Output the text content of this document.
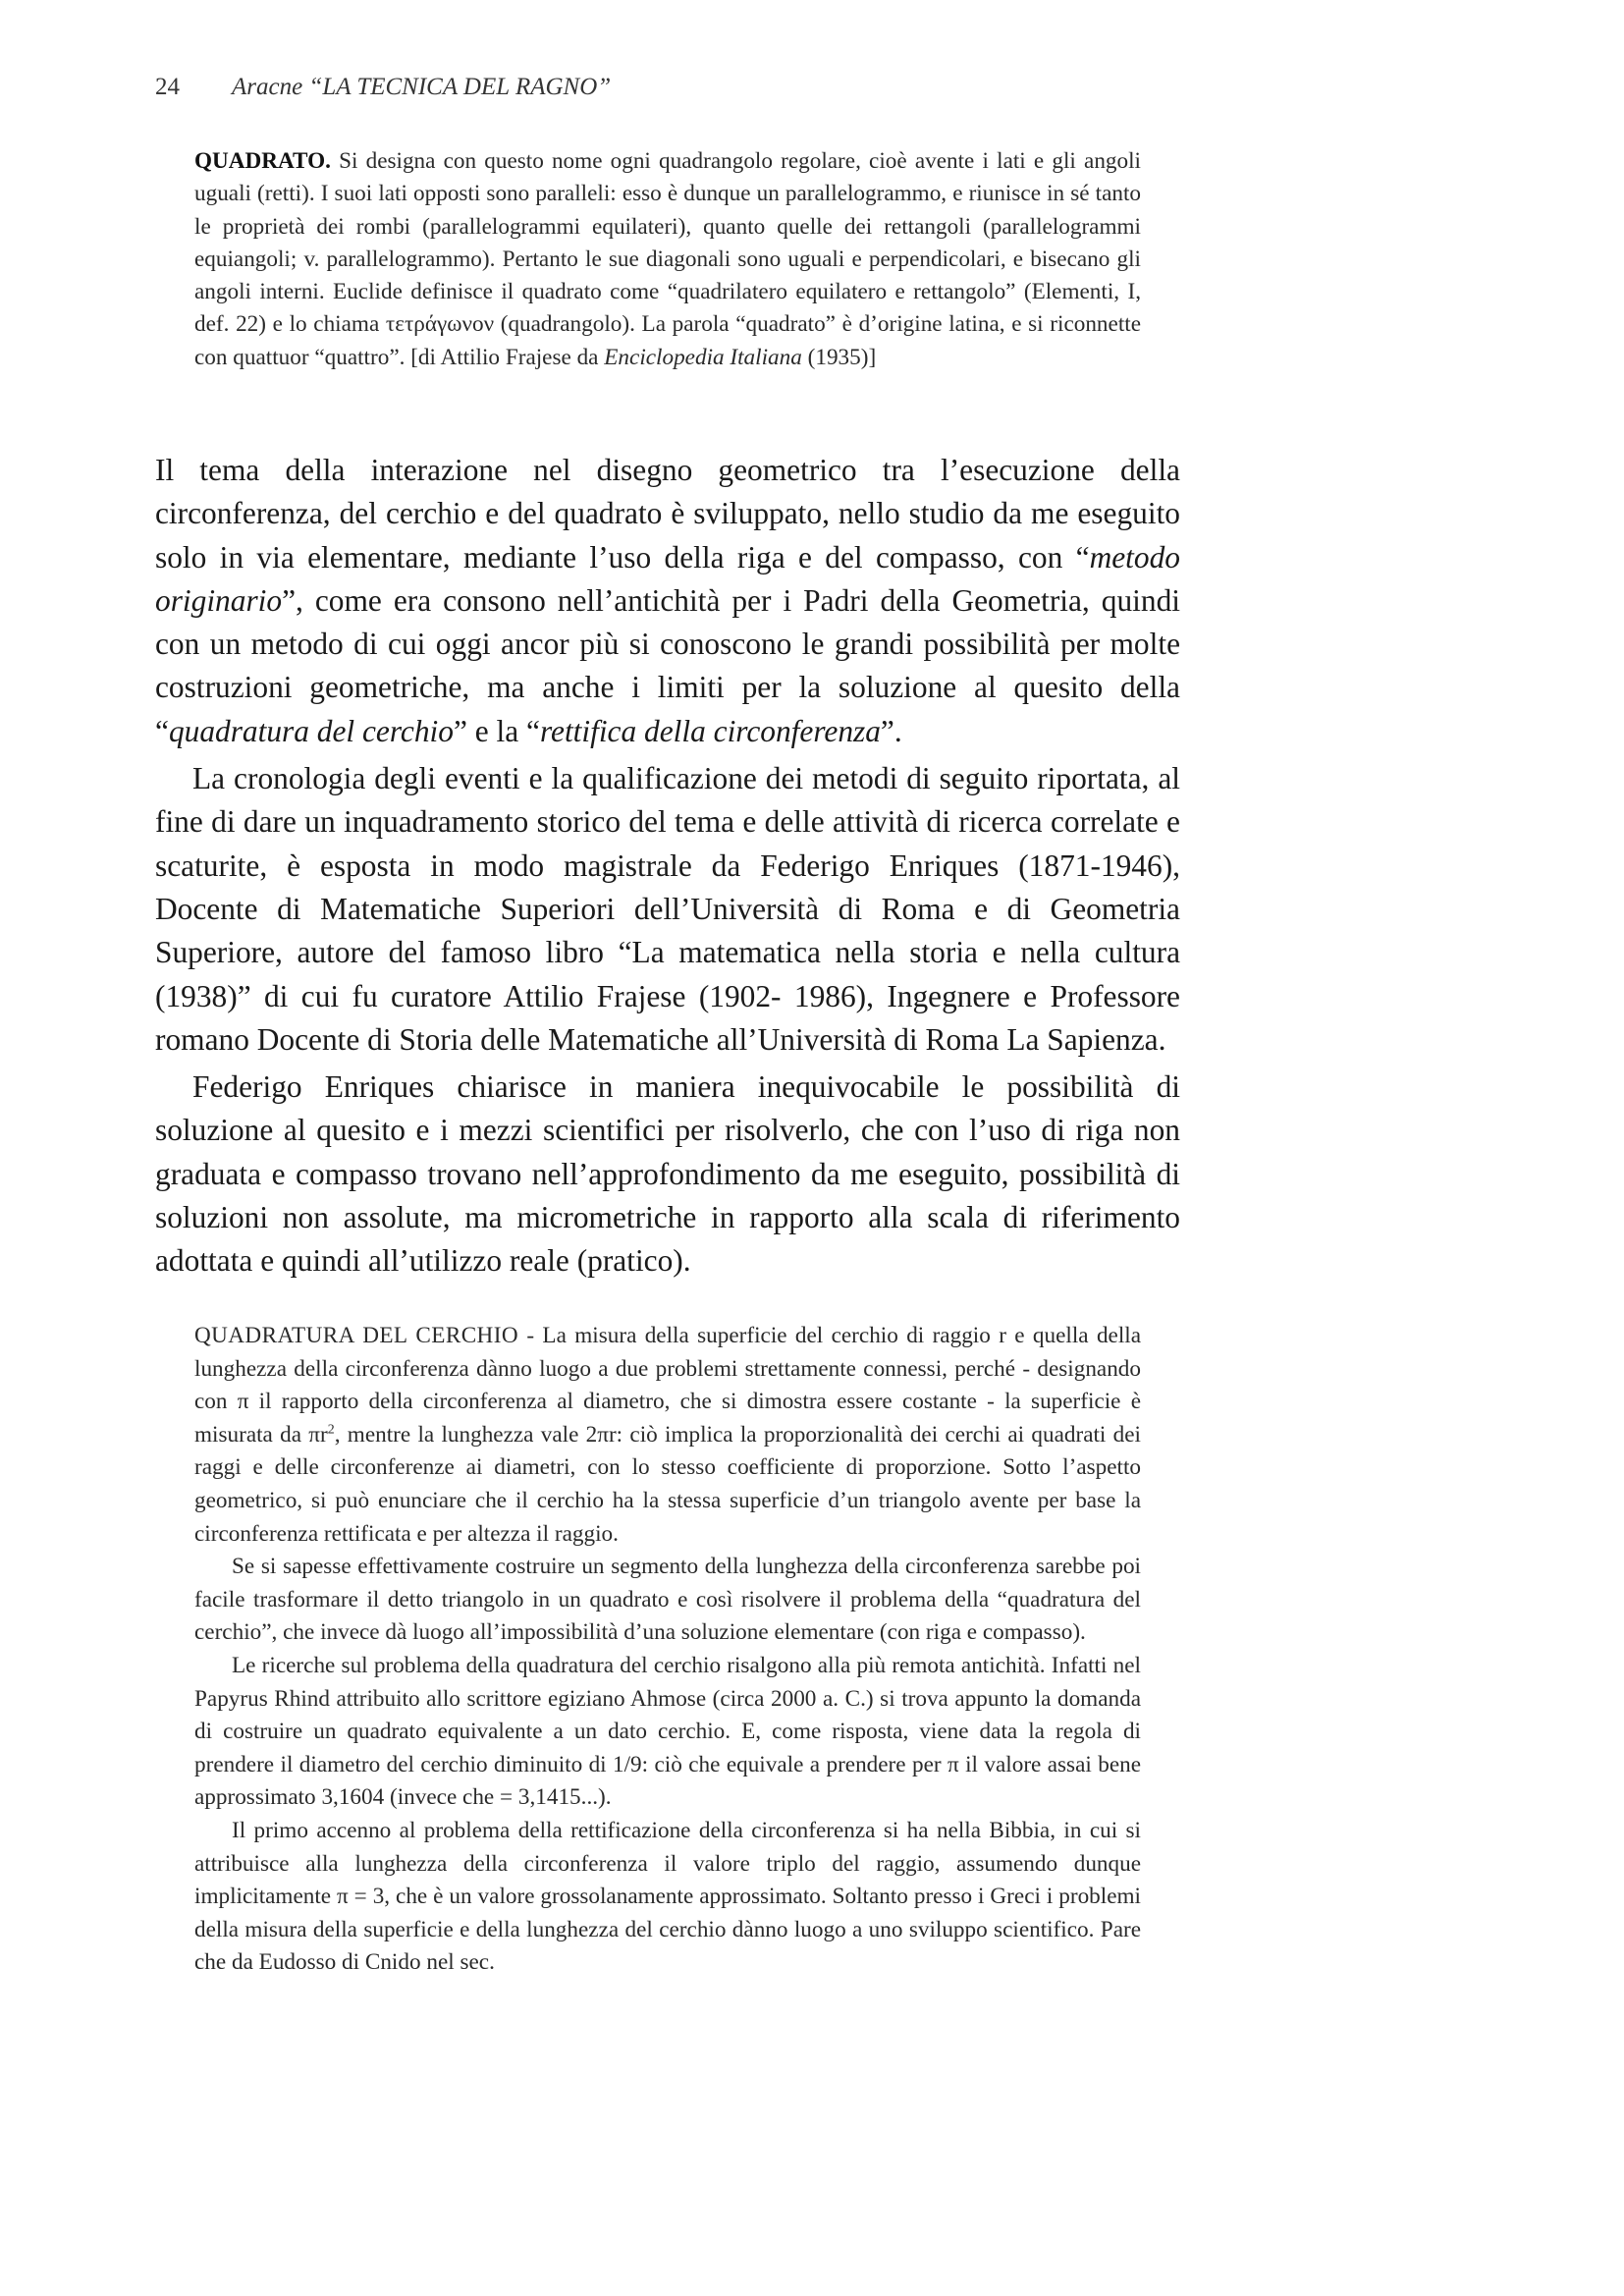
24 Aracne “LA TECNICA DEL RAGNO”

QUADRATO. Si designa con questo nome ogni quadrangolo regolare, cioè avente i lati e gli angoli uguali (retti). I suoi lati opposti sono paralleli: esso è dunque un parallelogrammo, e riunisce in sé tanto le proprietà dei rombi (parallelogrammi equilateri), quanto quelle dei rettangoli (parallelogrammi equiangoli; v. parallelogrammo). Pertanto le sue diagonali sono uguali e perpendicolari, e bisecano gli angoli interni. Euclide definisce il quadrato come “quadrilatero equilatero e rettangolo” (Elementi, I, def. 22) e lo chiama τετράγωνον (quadrangolo). La parola “quadrato” è d’origine latina, e si riconnette con quattuor “quattro”. [di Attilio Frajese da Enciclopedia Italiana (1935)]

Il tema della interazione nel disegno geometrico tra l’esecuzione della circonferenza, del cerchio e del quadrato è sviluppato, nello studio da me eseguito solo in via elementare, mediante l’uso della riga e del compasso, con “metodo originario”, come era consono nell’antichità per i Padri della Geometria, quindi con un metodo di cui oggi ancor più si conoscono le grandi possibilità per molte costruzioni geometriche, ma anche i limiti per la soluzione al quesito della “quadratura del cerchio” e la “rettifica della circonferenza”.

La cronologia degli eventi e la qualificazione dei metodi di seguito riportata, al fine di dare un inquadramento storico del tema e delle attività di ricerca correlate e scaturite, è esposta in modo magistrale da Federigo Enriques (1871-1946), Docente di Matematiche Superiori dell’Università di Roma e di Geometria Superiore, autore del famoso libro “La matematica nella storia e nella cultura (1938)” di cui fu curatore Attilio Frajese (1902- 1986), Ingegnere e Professore romano Docente di Storia delle Matematiche all’Università di Roma La Sapienza.

Federigo Enriques chiarisce in maniera inequivocabile le possibilità di soluzione al quesito e i mezzi scientifici per risolverlo, che con l’uso di riga non graduata e compasso trovano nell’approfondimento da me eseguito, possibilità di soluzioni non assolute, ma micrometriche in rapporto alla scala di riferimento adottata e quindi all’utilizzo reale (pratico).

QUADRATURA DEL CERCHIO - La misura della superficie del cerchio di raggio r e quella della lunghezza della circonferenza dànno luogo a due problemi strettamente connessi, perché - designando con π il rapporto della circonferenza al diametro, che si dimostra essere costante - la superficie è misurata da $\pi r^2$, mentre la lunghezza vale 2πr: ciò implica la proporzionalità dei cerchi ai quadrati dei raggi e delle circonferenze ai diametri, con lo stesso coefficiente di proporzione. Sotto l’aspetto geometrico, si può enunciare che il cerchio ha la stessa superficie d’un triangolo avente per base la circonferenza rettificata e per altezza il raggio.

Se si sapesse effettivamente costruire un segmento della lunghezza della circonferenza sarebbe poi facile trasformare il detto triangolo in un quadrato e così risolvere il problema della “quadratura del cerchio”, che invece dà luogo all’impossibilità d’una soluzione elementare (con riga e compasso).

Le ricerche sul problema della quadratura del cerchio risalgono alla più remota antichità. Infatti nel Papyrus Rhind attribuito allo scrittore egiziano Ahmose (circa 2000 a. C.) si trova appunto la domanda di costruire un quadrato equivalente a un dato cerchio. E, come risposta, viene data la regola di prendere il diametro del cerchio diminuito di 1/9: ciò che equivale a prendere per π il valore assai bene approssimato 3,1604 (invece che = 3,1415...).

Il primo accenno al problema della rettificazione della circonferenza si ha nella Bibbia, in cui si attribuisce alla lunghezza della circonferenza il valore triplo del raggio, assumendo dunque implicitamente π = 3, che è un valore grossolanamente approssimato. Soltanto presso i Greci i problemi della misura della superficie e della lunghezza del cerchio dànno luogo a uno sviluppo scientifico. Pare che da Eudosso di Cnido nel sec.
